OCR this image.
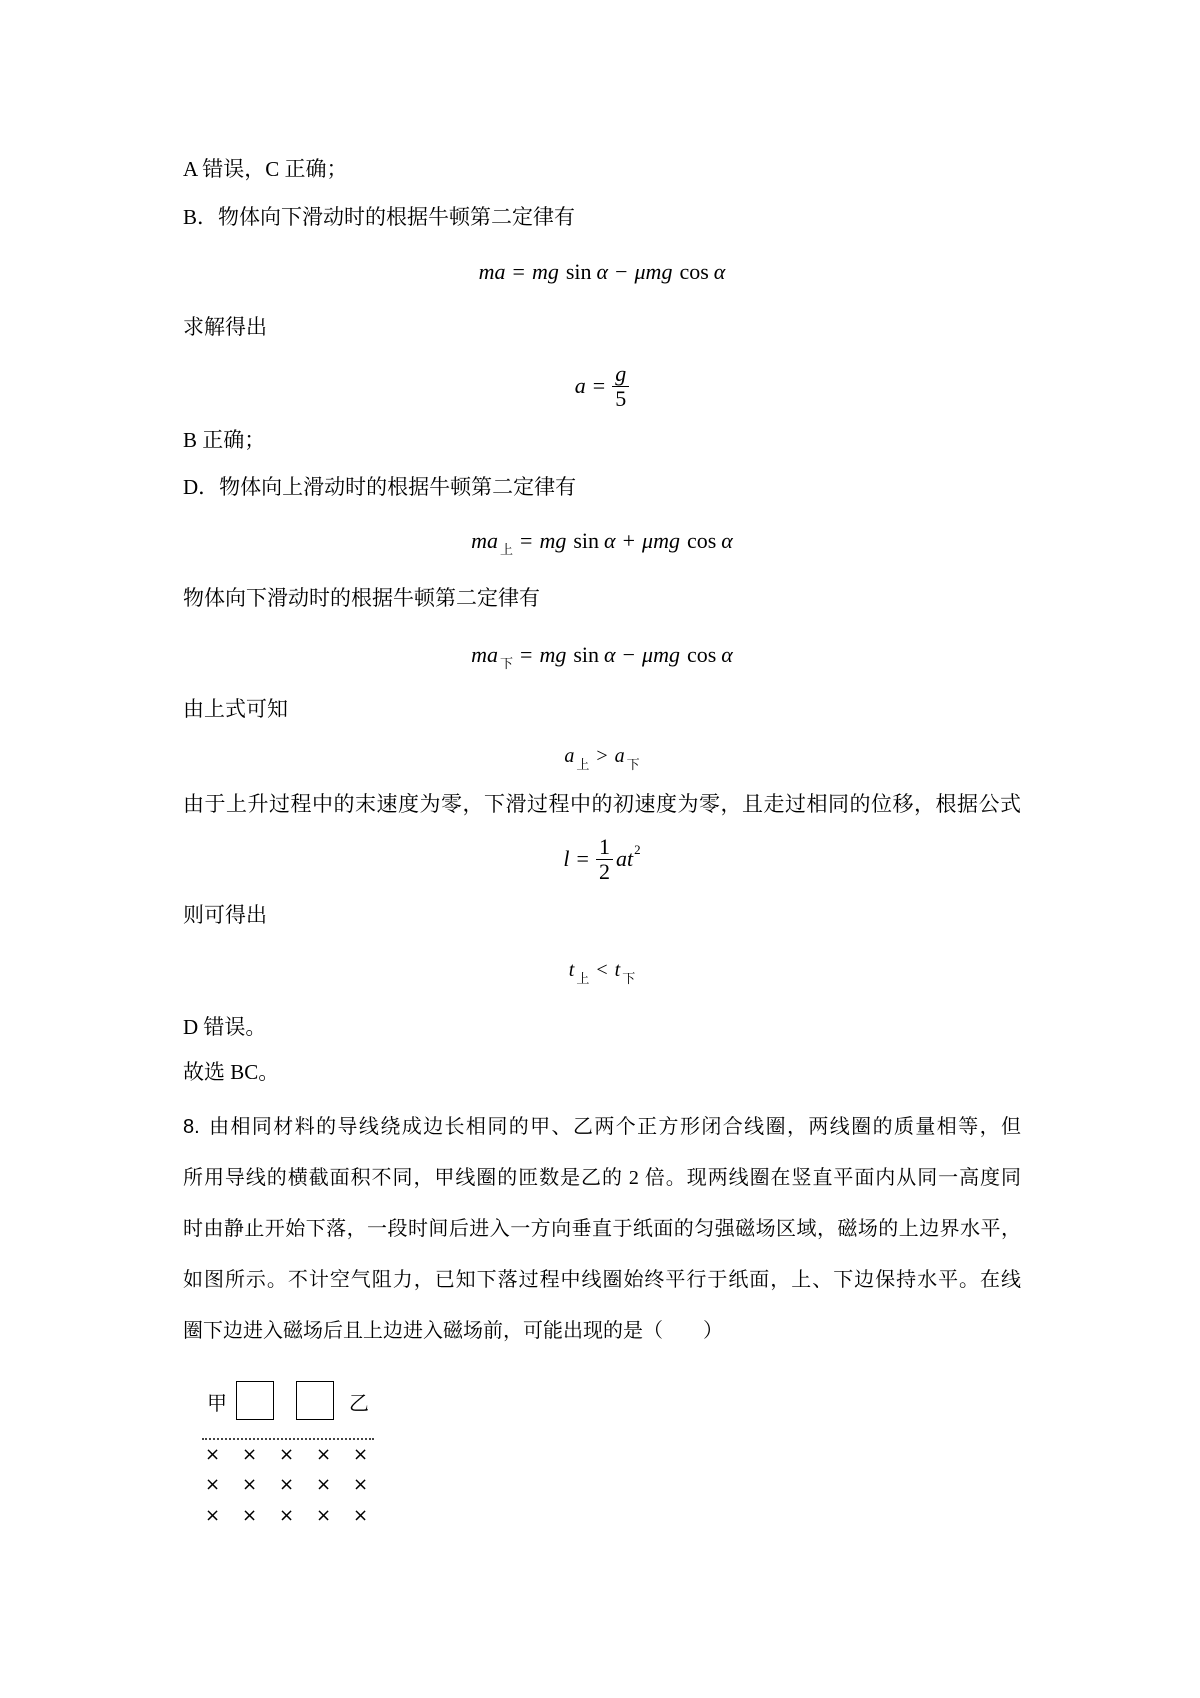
A 错误，C 正确；
B．物体向下滑动时的根据牛顿第二定律有
ma = mg sin α − μmg cos α
求解得出
$a = \frac{g}{5}$
B 正确；
D．物体向上滑动时的根据牛顿第二定律有
ma 上 = mg sin α + μmg cos α
物体向下滑动时的根据牛顿第二定律有
ma 下 = mg sin α − μmg cos α
由上式可知
a 上 > a 下
由于上升过程中的末速度为零，下滑过程中的初速度为零，且走过相同的位移，根据公式
$l = \frac{1}{2}$ at 2
则可得出
t 上 < t 下
D 错误。
故选 BC。
8. 由相同材料的导线绕成边长相同的甲、乙两个正方形闭合线圈，两线圈的质量相等，但
所用导线的横截面积不同，甲线圈的匝数是乙的 2 倍。现两线圈在竖直平面内从同一高度同
时由静止开始下落，一段时间后进入一方向垂直于纸面的匀强磁场区域，磁场的上边界水平，
如图所示。不计空气阻力，已知下落过程中线圈始终平行于纸面，上、下边保持水平。在线
圈下边进入磁场后且上边进入磁场前，可能出现的是（　　）
甲	乙
×	×	×	×	×
×	×	×	×	×
×	×	×	×	×
